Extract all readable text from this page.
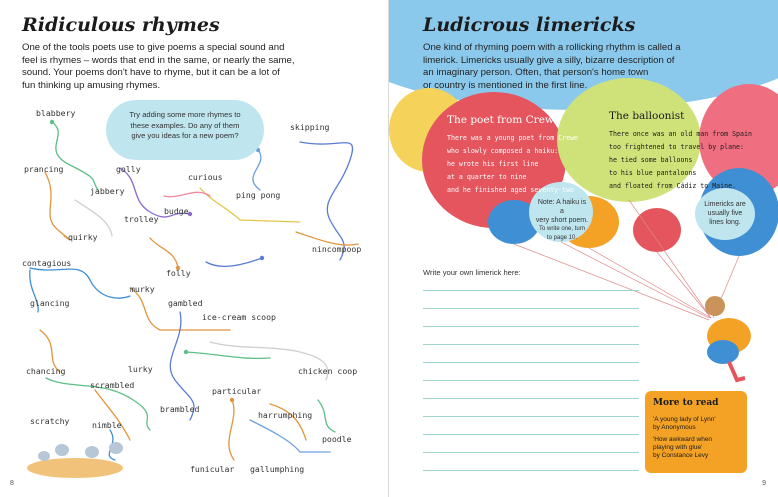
Ridiculous rhymes
One of the tools poets use to give poems a special sound and
feel is rhymes – words that end in the same, or nearly the same,
sound. Your poems don't have to rhyme, but it can be a lot of
fun thinking up amusing rhymes.
Try adding some more rhymes to
these examples. Do any of them
give you ideas for a new poem?
blabbery
prancing
jabbery
golly
curious
ping pong
skipping
trolley
budge
quirky
nincompoop
contagious
folly
murky
glancing	gambled
ice-cream scoop
chancing	lurky	chicken coop
scrambled
particular
brambled
harrumphing
scratchy	nimble
poodle
funicular gallumphing
8
Ludicrous limericks
One kind of rhyming poem with a rollicking rhythm is called a
limerick. Limericks usually give a silly, bizarre description of
an imaginary person. Often, that person's home town
or country is mentioned in the first line.
The poet from Crewe
There was a young poet from Crewe
who slowly composed a haiku:
he wrote his first line
at a quarter to nine
and he finished aged seventy-two
The balloonist
There once was an old man from Spain
too frightened to travel by plane:
he tied some balloons
to his blue pantaloons
and floated from Cádiz to Maine.
Note: A haiku is a
very short poem.
To write one, turn
to page 10.
Limericks are
usually five
lines long.
Write your own limerick here:
More to read
'A young lady of Lynn'
by Anonymous
'How awkward when
playing with glue'
by Constance Levy
9
